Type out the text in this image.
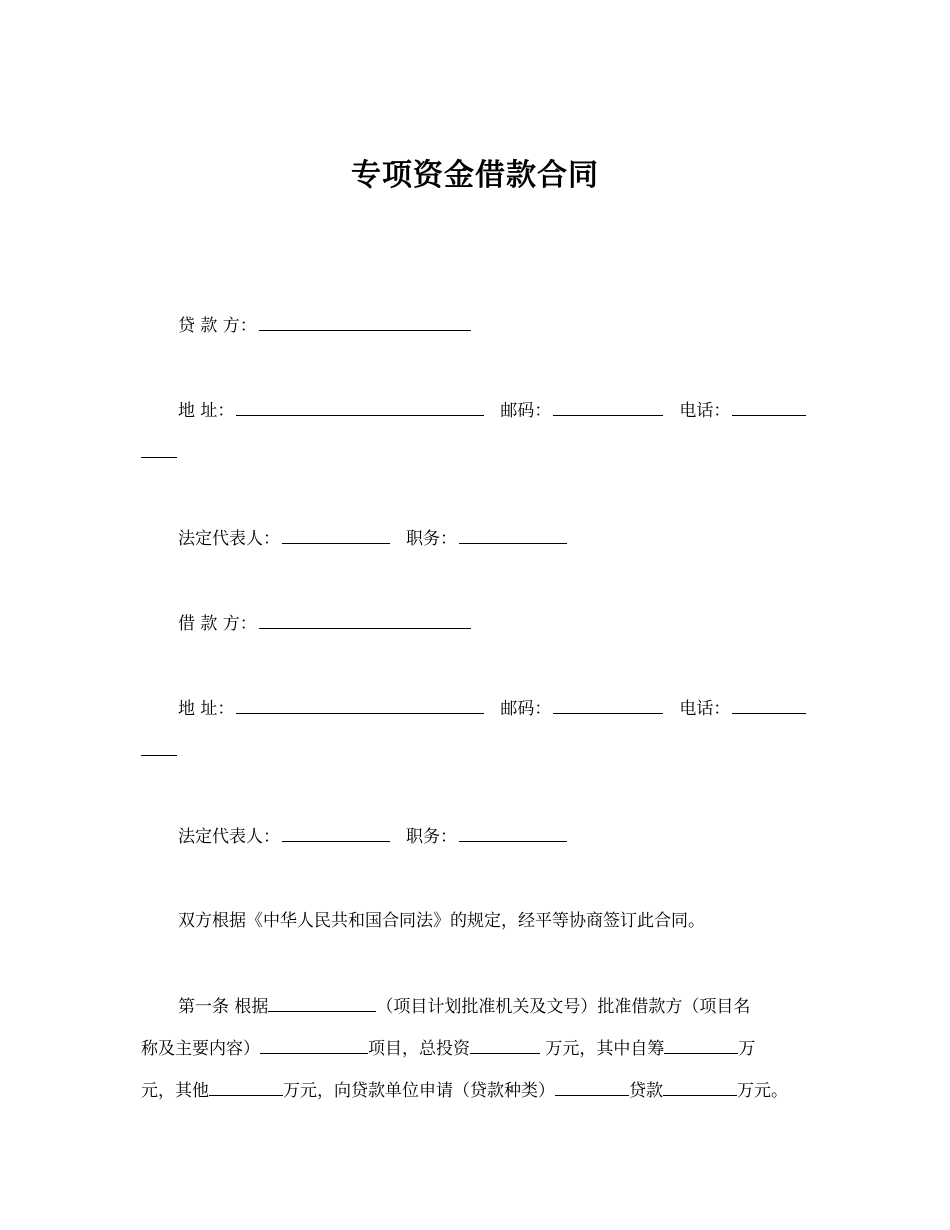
专项资金借款合同
贷 款 方：
地 址：	邮码：	电话：
法定代表人：	职务：
借 款 方：
地 址：	邮码：	电话：
法定代表人：	职务：
双方根据《中华人民共和国合同法》的规定，经平等协商签订此合同。
第一条 根据	（项目计划批准机关及文号）批准借款方（项目名
称及主要内容）	项目，总投资	万元，其中自筹	万
元，其他	万元，向贷款单位申请（贷款种类）	贷款	万元。
